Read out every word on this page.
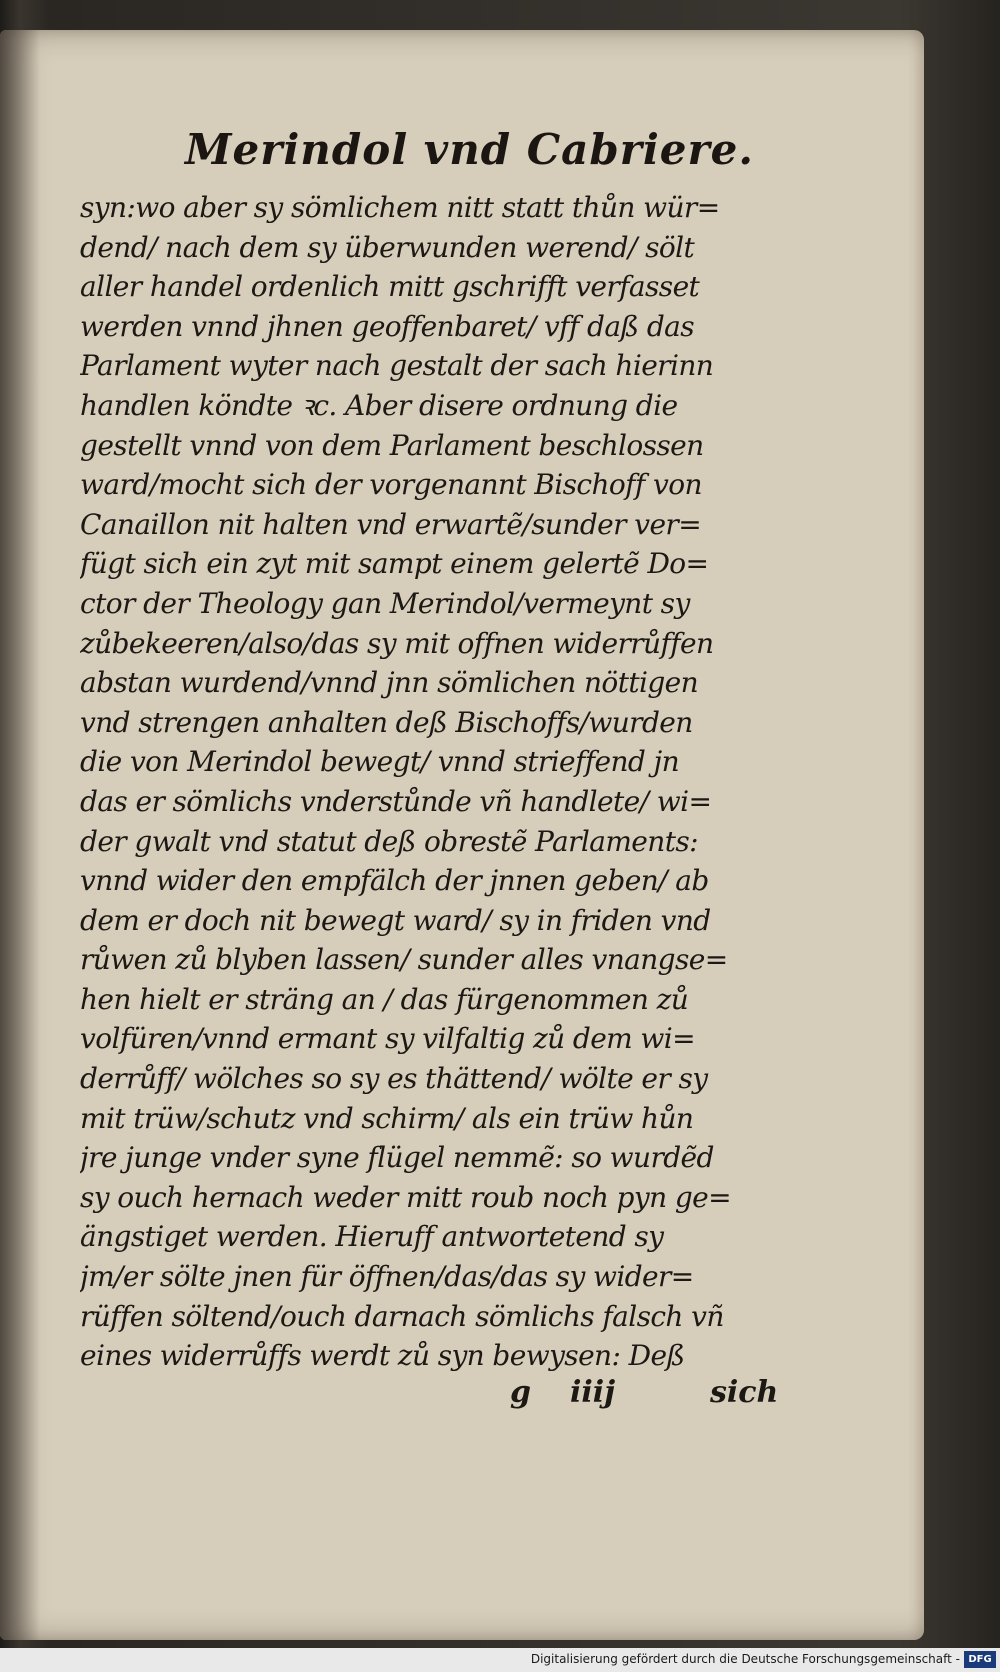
Merindol vnd Cabriere.
syn:wo aber sy sömlichem nitt statt thůn wür=
dend/ nach dem sy überwunden werend/ sölt
aller handel ordenlich mitt gschrifft verfasset
werden vnnd jhnen geoffenbaret/ vff daß das
Parlament wyter nach gestalt der sach hierinn
handlen köndte ꝛc. Aber disere ordnung die
gestellt vnnd von dem Parlament beschlossen
ward/mocht sich der vorgenannt Bischoff von
Canaillon nit halten vnd erwartẽ/sunder ver=
fügt sich ein zyt mit sampt einem gelertẽ Do=
ctor der Theology gan Merindol/vermeynt sy
zůbekeeren/also/das sy mit offnen widerrůffen
abstan wurdend/vnnd jnn sömlichen nöttigen
vnd strengen anhalten deß Bischoffs/wurden
die von Merindol bewegt/ vnnd strieffend jn
das er sömlichs vnderstůnde vñ handlete/ wi=
der gwalt vnd statut deß obrestẽ Parlaments:
vnnd wider den empfälch der jnnen geben/ ab
dem er doch nit bewegt ward/ sy in friden vnd
růwen zů blyben lassen/ sunder alles vnangse=
hen hielt er sträng an / das fürgenommen zů
volfüren/vnnd ermant sy vilfaltig zů dem wi=
derrůff/ wölches so sy es thättend/ wölte er sy
mit trüw/schutz vnd schirm/ als ein trüw hůn
jre junge vnder syne flügel nemmẽ: so wurdẽd
sy ouch hernach weder mitt roub noch pyn ge=
ängstiget werden. Hieruff antwortetend sy
jm/er sölte jnen für öffnen/das/das sy wider=
rüffen söltend/ouch darnach sömlichs falsch vñ
eines widerrůffs werdt zů syn bewysen: Deß
g iiij	sich
Digitalisierung gefördert durch die Deutsche Forschungsgemeinschaft - DFG
